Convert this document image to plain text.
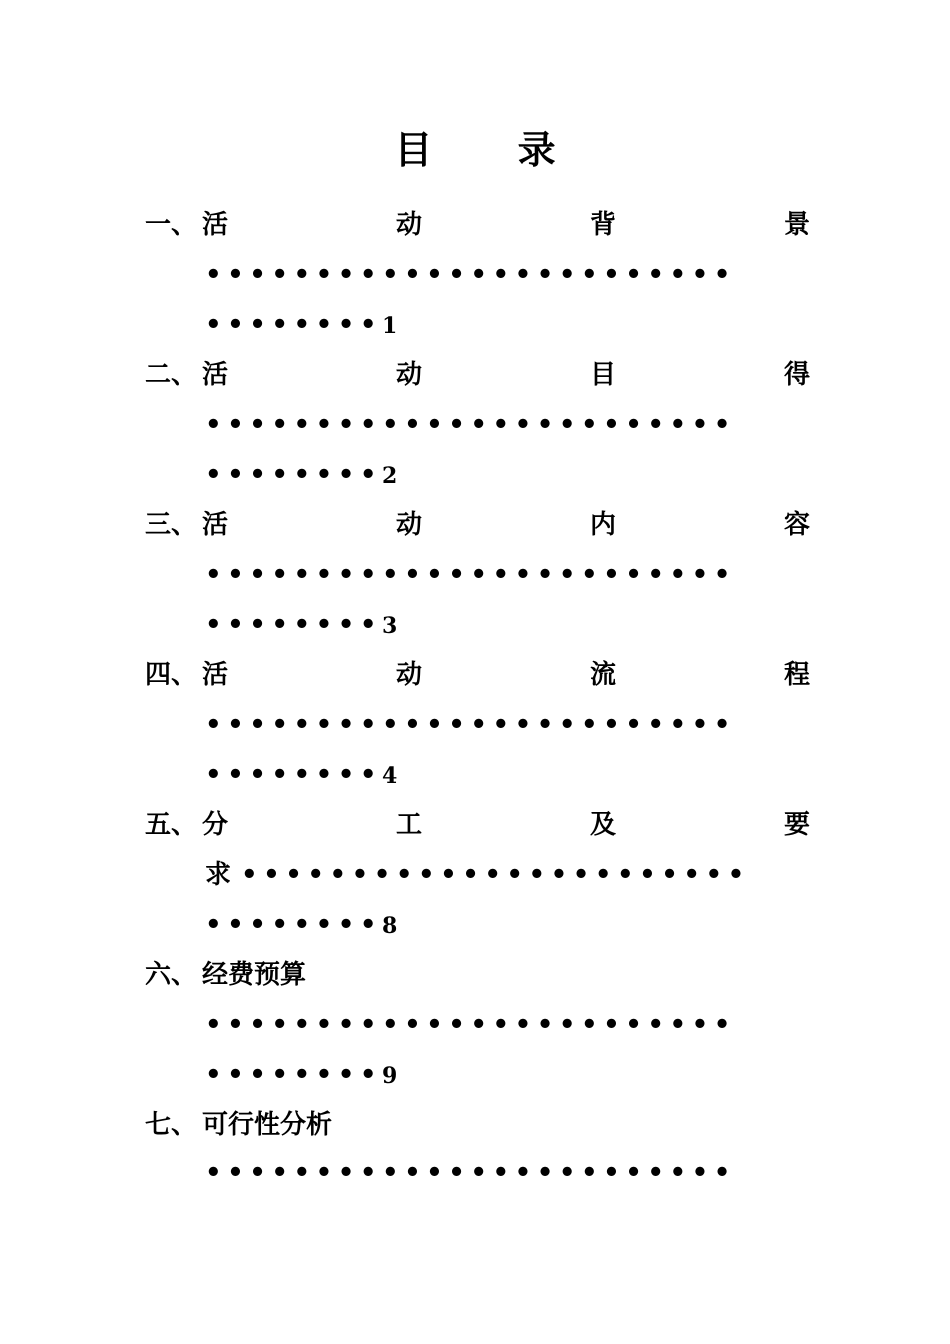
目 录
一、 活	动	背	景
••••••••••••••••••••••••
••••••••1
二、 活	动	目	得
••••••••••••••••••••••••
••••••••2
三、 活	动	内	容
••••••••••••••••••••••••
••••••••3
四、 活	动	流	程
••••••••••••••••••••••••
••••••••4
五、 分	工	及	要
求 •••••••••••••••••••••••
••••••••8
六、 经费预算
••••••••••••••••••••••••
••••••••9
七、 可行性分析
••••••••••••••••••••••••
